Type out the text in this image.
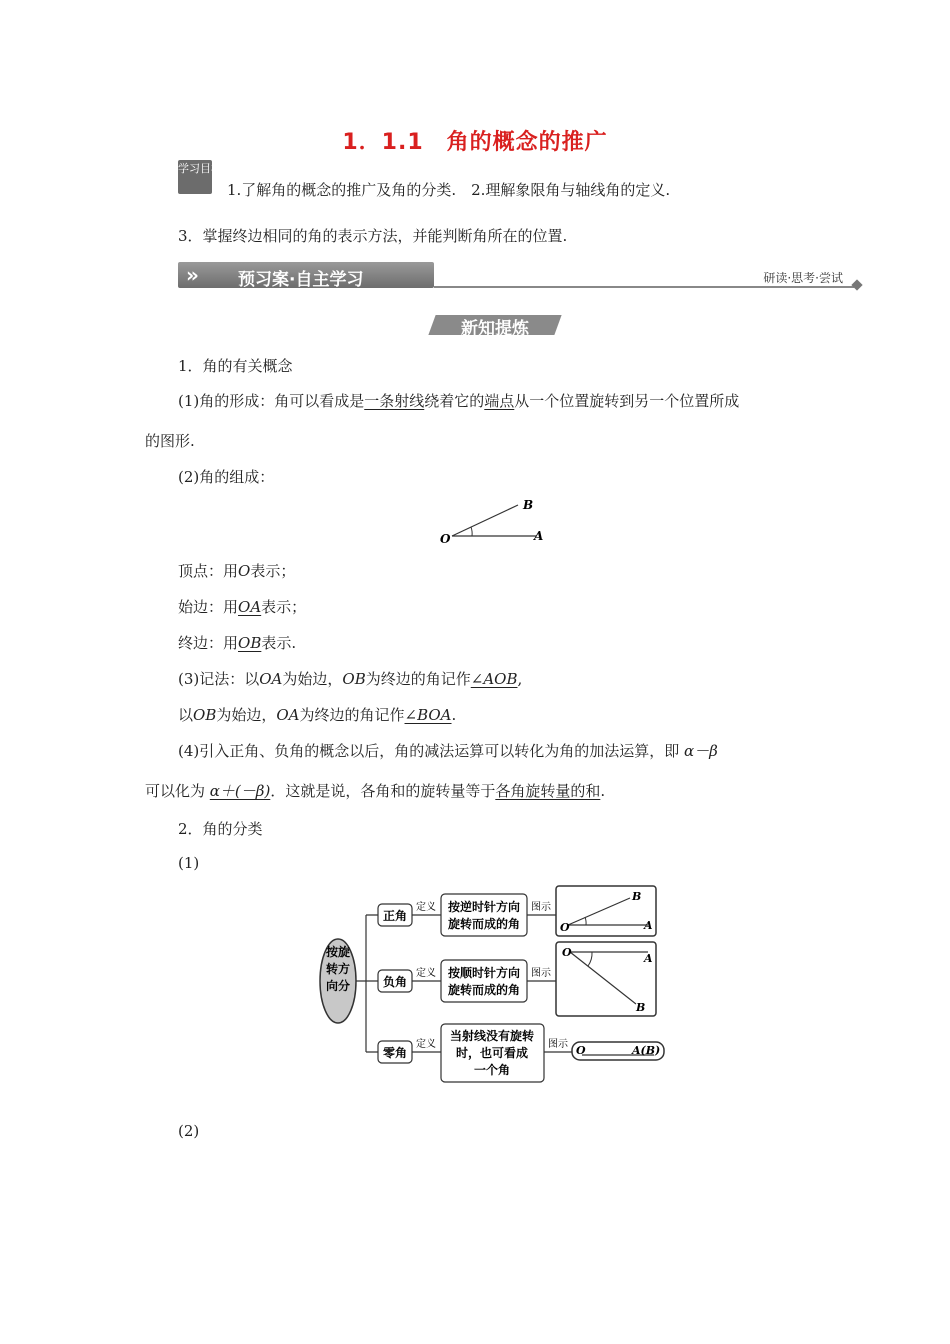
1．1.1　角的概念的推广
学习目标
1.了解角的概念的推广及角的分类.　2.理解象限角与轴线角的定义.
3．掌握终边相同的角的表示方法，并能判断角所在的位置.
» 预习案·自主学习	研读·思考·尝试
新知提炼
1．角的有关概念
(1)角的形成：角可以看成是一条射线绕着它的端点从一个位置旋转到另一个位置所成
的图形.
(2)角的组成：
O	A
B
顶点：用O表示；
始边：用OA表示；
终边：用OB表示.
(3)记法：以OA为始边，OB为终边的角记作∠AOB,
以OB为始边，OA为终边的角记作∠BOA.
(4)引入正角、负角的概念以后，角的减法运算可以转化为角的加法运算，即 α－β
可以化为 α＋(－β)．这就是说，各角和的旋转量等于各角旋转量的和.
2．角的分类
(1)
按旋
转方
向分
正角
定义 按逆时针方向
旋转而成的角
图示
O	A
B
负角
定义 按顺时针方向
旋转而成的角
图示
O	A
B
零角
定义
当射线没有旋转
时，也可看成
一个角
图示 O	A(B)
(2)
